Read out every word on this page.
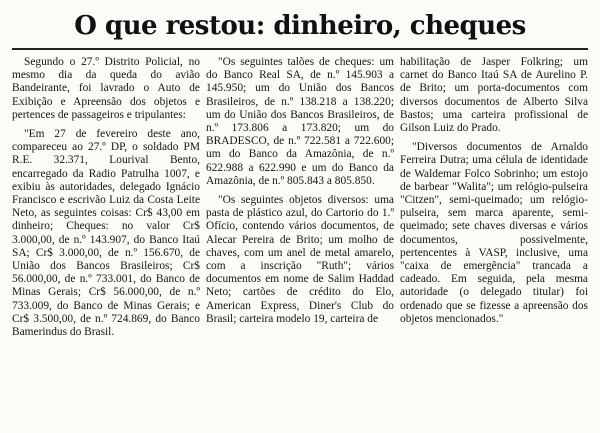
O que restou: dinheiro, cheques

Segundo o 27.º Distrito Policial, no mesmo dia da queda do avião Bandeirante, foi lavrado o Auto de Exibição e Apreensão dos objetos e pertences de passageiros e tripulantes:

"Em 27 de fevereiro deste ano, compareceu ao 27.º DP, o soldado PM R.E. 32.371, Lourival Bento, encarregado da Radio Patrulha 1007, e exibiu às autoridades, delegado Ignácio Francisco e escrivão Luiz da Costa Leite Neto, as seguintes coisas: Cr$ 43,00 em dinheiro; Cheques: no valor Cr$ 3.000,00, de n.º 143.907, do Banco Itaú SA; Cr$ 3.000,00, de n.º 156.670, de União dos Bancos Brasileiros; Cr$ 56.000,00, de n.º 733.001, do Banco de Minas Gerais; Cr$ 56.000,00, de n.º 733.009, do Banco de Minas Gerais; e Cr$ 3.500,00, de n.º 724.869, do Banco Bamerindus do Brasil.

"Os seguintes talões de cheques: um do Banco Real SA, de n.º 145.903 a 145.950; um do União dos Bancos Brasileiros, de n.º 138.218 a 138.220; um do União dos Bancos Brasileiros, de n.º 173.806 a 173.820; um do BRADESCO, de n.º 722.581 a 722.600; um do Banco da Amazônia, de n.º 622.988 a 622.990 e um do Banco da Amazônia, de n.º 805.843 a 805.850.

"Os seguintes objetos diversos: uma pasta de plástico azul, do Cartorio do 1.º Ofício, contendo vários documentos, de Alecar Pereira de Brito; um molho de chaves, com um anel de metal amarelo, com a inscrição "Ruth"; vários documentos em nome de Salim Haddad Neto; cartões de crédito do Elo, American Express, Diner's Club do Brasil; carteira modelo 19, carteira de

habilitação de Jasper Folkring; um carnet do Banco Itaú SA de Aurelino P. de Brito; um porta-documentos com diversos documentos de Alberto Silva Bastos; uma carteira profissional de Gilson Luiz do Prado.

"Diversos documentos de Arnaldo Ferreira Dutra; uma célula de identidade de Waldemar Folco Sobrinho; um estojo de barbear "Walita"; um relógio-pulseira "Citzen", semi-queimado; um relógio-pulseira, sem marca aparente, semi-queimado; sete chaves diversas e vários documentos, possivelmente, pertencentes à VASP, inclusive, uma "caixa de emergência" trancada a cadeado. Em seguida, pela mesma autoridade (o delegado titular) foi ordenado que se fizesse a apreensão dos objetos mencionados."
